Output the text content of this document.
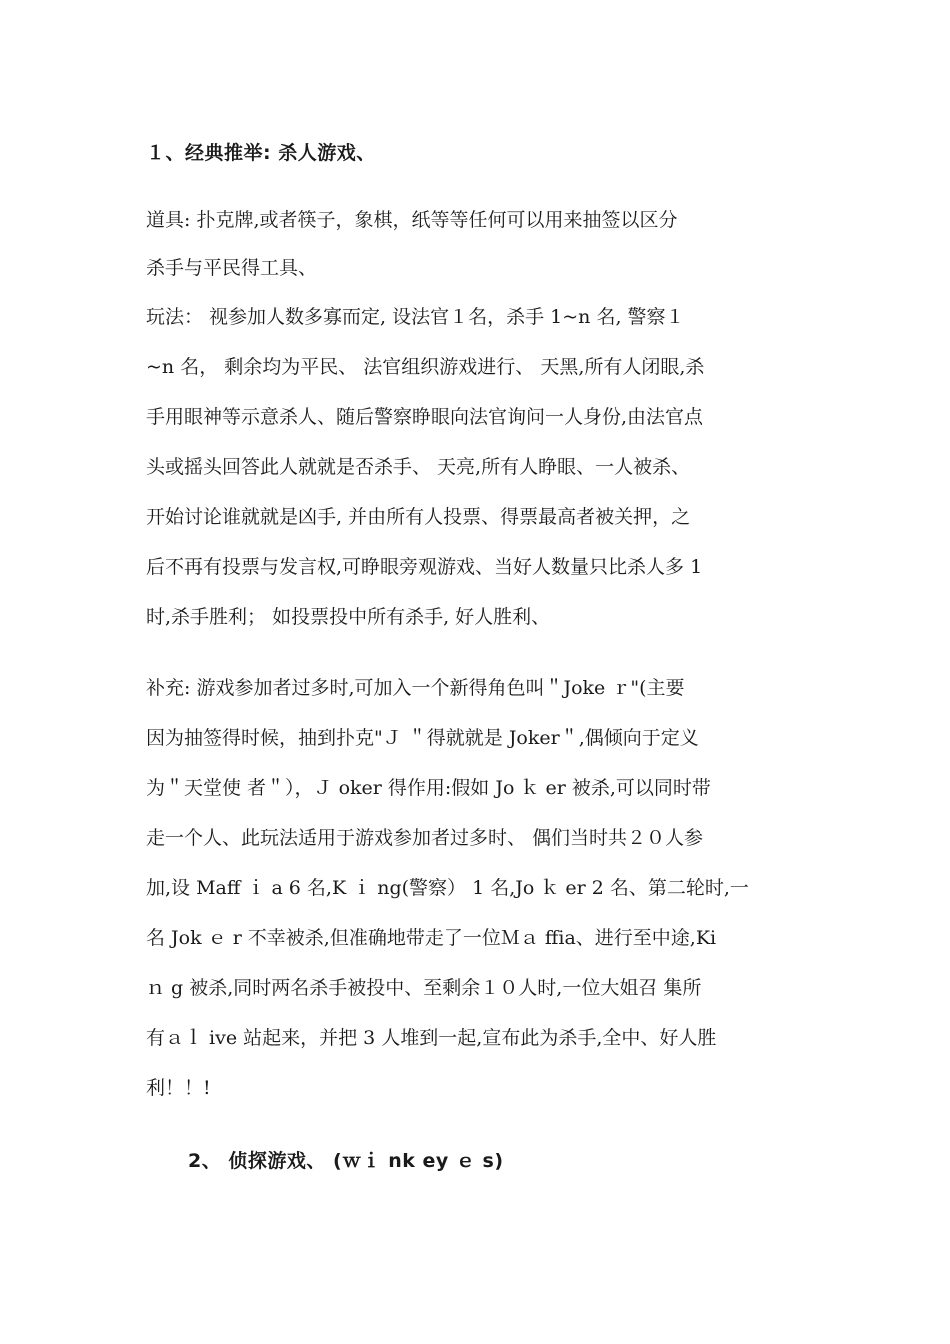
１、经典推举: 杀人游戏、
道具: 扑克牌,或者筷子，象棋，纸等等任何可以用来抽签以区分
杀手与平民得工具、
玩法： 视参加人数多寡而定, 设法官１名，杀手 1~n 名, 警察１
~n 名， 剩余均为平民、 法官组织游戏进行、 天黑,所有人闭眼,杀
手用眼神等示意杀人、随后警察睁眼向法官询问一人身份,由法官点
头或摇头回答此人就就是否杀手、 天亮,所有人睁眼、一人被杀、
开始讨论谁就就是凶手, 并由所有人投票、得票最高者被关押，之
后不再有投票与发言权,可睁眼旁观游戏、当好人数量只比杀人多 1
时,杀手胜利； 如投票投中所有杀手, 好人胜利、
补充: 游戏参加者过多时,可加入一个新得角色叫＂Joke ｒ"(主要
因为抽签得时候，抽到扑克"Ｊ ＂得就就是 Joker＂,偶倾向于定义
为＂天堂使 者＂），Ｊ oker 得作用:假如 Jo ｋ er 被杀,可以同时带
走一个人、此玩法适用于游戏参加者过多时、 偶们当时共２０人参
加,设 Maff ｉ a 6 名,K ｉ ng(警察） 1 名,Jo ｋ er 2 名、第二轮时,一
名 Jok ｅ r 不幸被杀,但准确地带走了一位Ｍａ ffia、进行至中途,Ki
ｎ g 被杀,同时两名杀手被投中、至剩余１０人时,一位大姐召 集所
有ａｌ ive 站起来，并把 3 人堆到一起,宣布此为杀手,全中、好人胜
利！！!
2、 侦探游戏、 (ｗｉ nk ey ｅ s)
